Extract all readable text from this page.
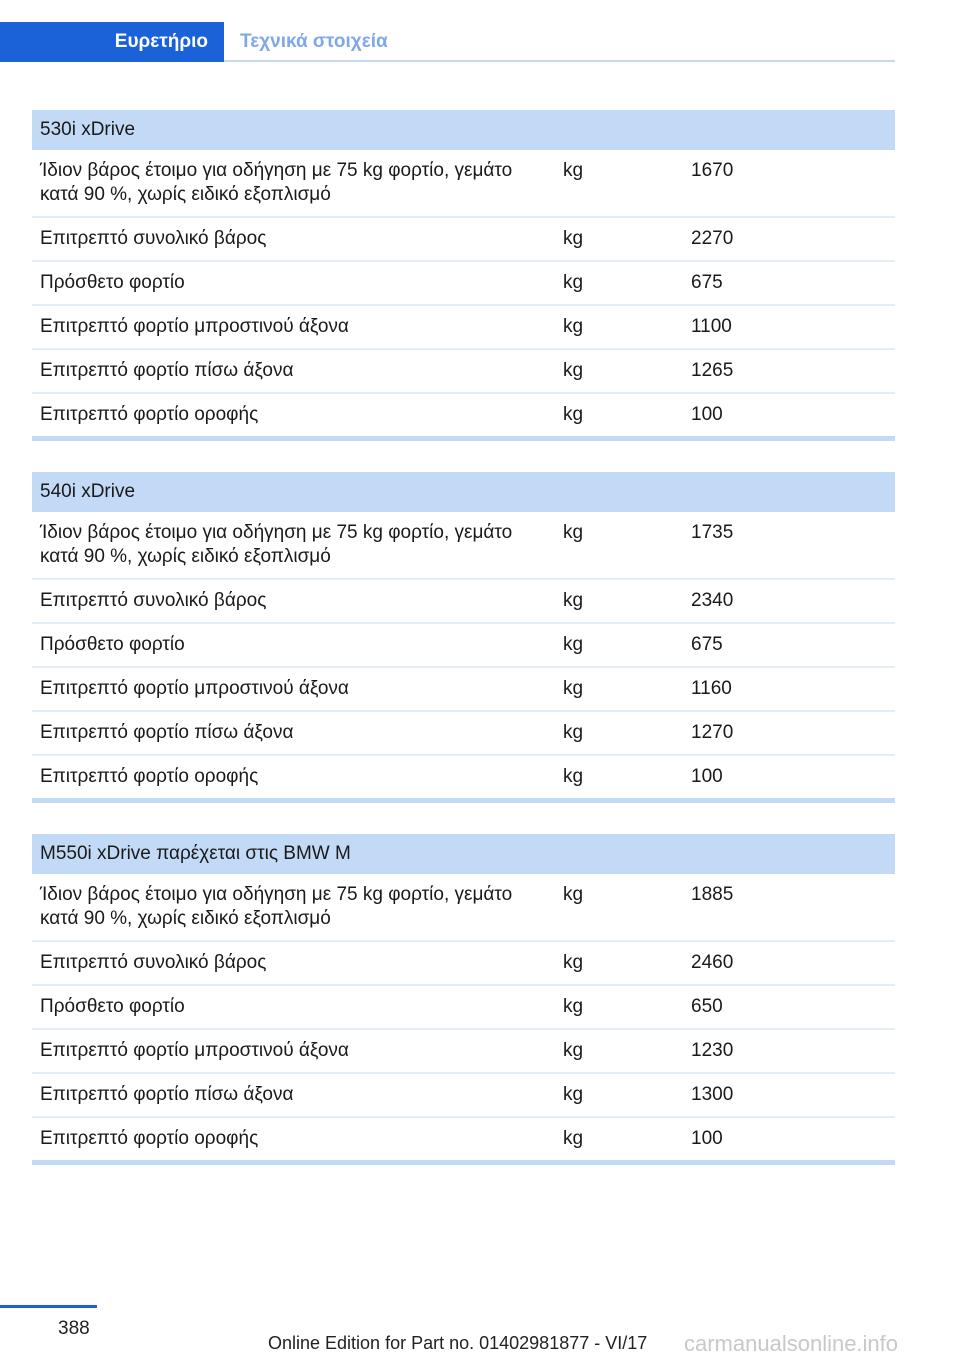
Ευρετήριο	Τεχνικά στοιχεία
530i xDrive		
Ίδιον βάρος έτοιμο για οδήγηση με 75 kg φορτίο, γεμάτο κατά 90 %, χωρίς ειδικό εξοπλισμό	kg	1670
Επιτρεπτό συνολικό βάρος	kg	2270
Πρόσθετο φορτίο	kg	675
Επιτρεπτό φορτίο μπροστινού άξονα	kg	1100
Επιτρεπτό φορτίο πίσω άξονα	kg	1265
Επιτρεπτό φορτίο οροφής	kg	100
540i xDrive		
Ίδιον βάρος έτοιμο για οδήγηση με 75 kg φορτίο, γεμάτο κατά 90 %, χωρίς ειδικό εξοπλισμό	kg	1735
Επιτρεπτό συνολικό βάρος	kg	2340
Πρόσθετο φορτίο	kg	675
Επιτρεπτό φορτίο μπροστινού άξονα	kg	1160
Επιτρεπτό φορτίο πίσω άξονα	kg	1270
Επιτρεπτό φορτίο οροφής	kg	100
M550i xDrive παρέχεται στις BMW M		
Ίδιον βάρος έτοιμο για οδήγηση με 75 kg φορτίο, γεμάτο κατά 90 %, χωρίς ειδικό εξοπλισμό	kg	1885
Επιτρεπτό συνολικό βάρος	kg	2460
Πρόσθετο φορτίο	kg	650
Επιτρεπτό φορτίο μπροστινού άξονα	kg	1230
Επιτρεπτό φορτίο πίσω άξονα	kg	1300
Επιτρεπτό φορτίο οροφής	kg	100
388
Online Edition for Part no. 01402981877 - VI/17 carmanualsonline.info
